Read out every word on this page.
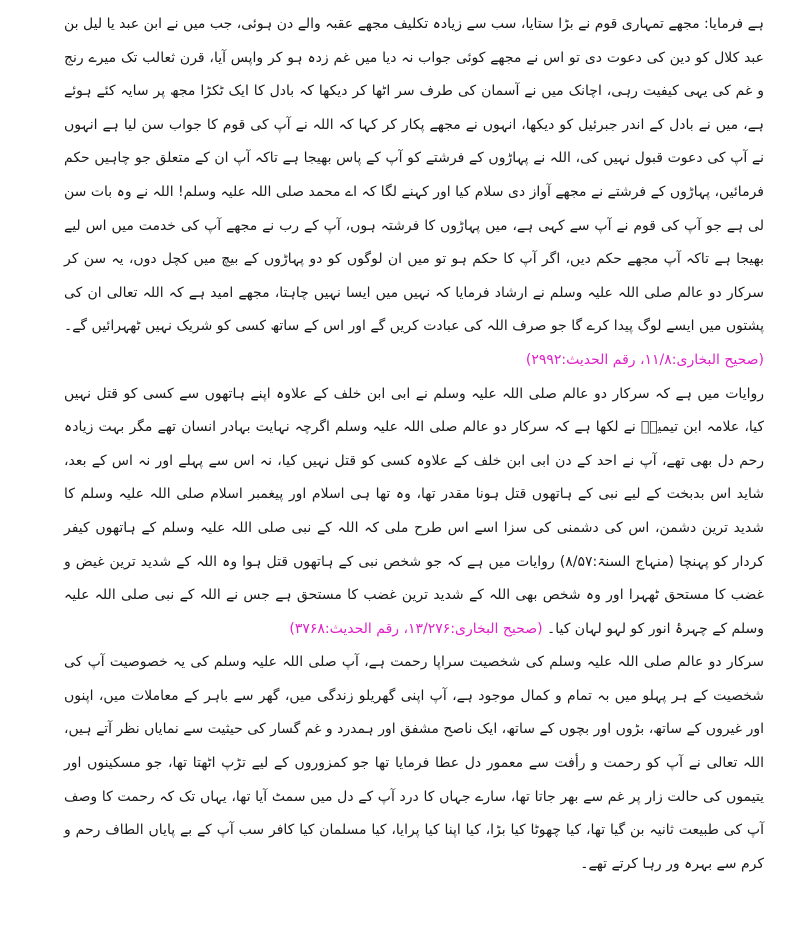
ہے فرمایا: مجھے تمہاری قوم نے بڑا ستایا، سب سے زیادہ تکلیف مجھے عقبہ والے دن ہوئی، جب میں نے ابن عبد یا لیل بن عبد کلال کو دین کی دعوت دی تو اس نے مجھے کوئی جواب نہ دیا میں غم زدہ ہو کر واپس آیا، قرن ثعالب تک میرے رنج و غم کی یہی کیفیت رہی، اچانک میں نے آسمان کی طرف سر اٹھا کر دیکھا کہ بادل کا ایک ٹکڑا مجھ پر سایہ کئے ہوئے ہے، میں نے بادل کے اندر جبرئیل کو دیکھا، انہوں نے مجھے پکار کر کہا کہ اللہ نے آپ کی قوم کا جواب سن لیا ہے انہوں نے آپ کی دعوت قبول نہیں کی، اللہ نے پہاڑوں کے فرشتے کو آپ کے پاس بھیجا ہے تاکہ آپ ان کے متعلق جو چاہیں حکم فرمائیں، پہاڑوں کے فرشتے نے مجھے آواز دی سلام کیا اور کہنے لگا کہ اے محمد صلی اللہ علیہ وسلم! اللہ نے وہ بات سن لی ہے جو آپ کی قوم نے آپ سے کہی ہے، میں پہاڑوں کا فرشتہ ہوں، آپ کے رب نے مجھے آپ کی خدمت میں اس لیے بھیجا ہے تاکہ آپ مجھے حکم دیں، اگر آپ کا حکم ہو تو میں ان لوگوں کو دو پہاڑوں کے بیچ میں کچل دوں، یہ سن کر سرکار دو عالم صلی اللہ علیہ وسلم نے ارشاد فرمایا کہ نہیں میں ایسا نہیں چاہتا، مجھے امید ہے کہ اللہ تعالی ان کی پشتوں میں ایسے لوگ پیدا کرے گا جو صرف اللہ کی عبادت کریں گے اور اس کے ساتھ کسی کو شریک نہیں ٹھہرائیں گے۔ (صحیح البخاری:۱۱/۸، رقم الحدیث:۲۹۹۲)

روایات میں ہے کہ سرکار دو عالم صلی اللہ علیہ وسلم نے ابی ابن خلف کے علاوہ اپنے ہاتھوں سے کسی کو قتل نہیں کیا، علامہ ابن تیمیہؒ نے لکھا ہے کہ سرکار دو عالم صلی اللہ علیہ وسلم اگرچہ نہایت بہادر انسان تھے مگر بہت زیادہ رحم دل بھی تھے، آپ نے احد کے دن ابی ابن خلف کے علاوہ کسی کو قتل نہیں کیا، نہ اس سے پہلے اور نہ اس کے بعد، شاید اس بدبخت کے لیے نبی کے ہاتھوں قتل ہونا مقدر تھا، وہ تھا ہی اسلام اور پیغمبر اسلام صلی اللہ علیہ وسلم کا شدید ترین دشمن، اس کی دشمنی کی سزا اسے اس طرح ملی کہ اللہ کے نبی صلی اللہ علیہ وسلم کے ہاتھوں کیفر کردار کو پہنچا (منہاج السنۃ:۸/۵۷) روایات میں ہے کہ جو شخص نبی کے ہاتھوں قتل ہوا وہ اللہ کے شدید ترین غیض و غضب کا مستحق ٹھہرا اور وہ شخص بھی اللہ کے شدید ترین غضب کا مستحق ہے جس نے اللہ کے نبی صلی اللہ علیہ وسلم کے چہرۂ انور کو لہو لہان کیا۔ (صحیح البخاری:۱۳/۲۷۶، رقم الحدیث:۳۷۶۸)

سرکار دو عالم صلی اللہ علیہ وسلم کی شخصیت سراپا رحمت ہے، آپ صلی اللہ علیہ وسلم کی یہ خصوصیت آپ کی شخصیت کے ہر پہلو میں بہ تمام و کمال موجود ہے، آپ اپنی گھریلو زندگی میں، گھر سے باہر کے معاملات میں، اپنوں اور غیروں کے ساتھ، بڑوں اور بچوں کے ساتھ، ایک ناصح مشفق اور ہمدرد و غم گسار کی حیثیت سے نمایاں نظر آتے ہیں، اللہ تعالی نے آپ کو رحمت و رأفت سے معمور دل عطا فرمایا تھا جو کمزوروں کے لیے تڑپ اٹھتا تھا، جو مسکینوں اور یتیموں کی حالت زار پر غم سے بھر جاتا تھا، سارے جہاں کا درد آپ کے دل میں سمٹ آیا تھا، یہاں تک کہ رحمت کا وصف آپ کی طبیعت ثانیہ بن گیا تھا، کیا چھوٹا کیا بڑا، کیا اپنا کیا پرایا، کیا مسلمان کیا کافر سب آپ کے بے پایاں الطاف رحم و کرم سے بہرہ ور رہا کرتے تھے۔
